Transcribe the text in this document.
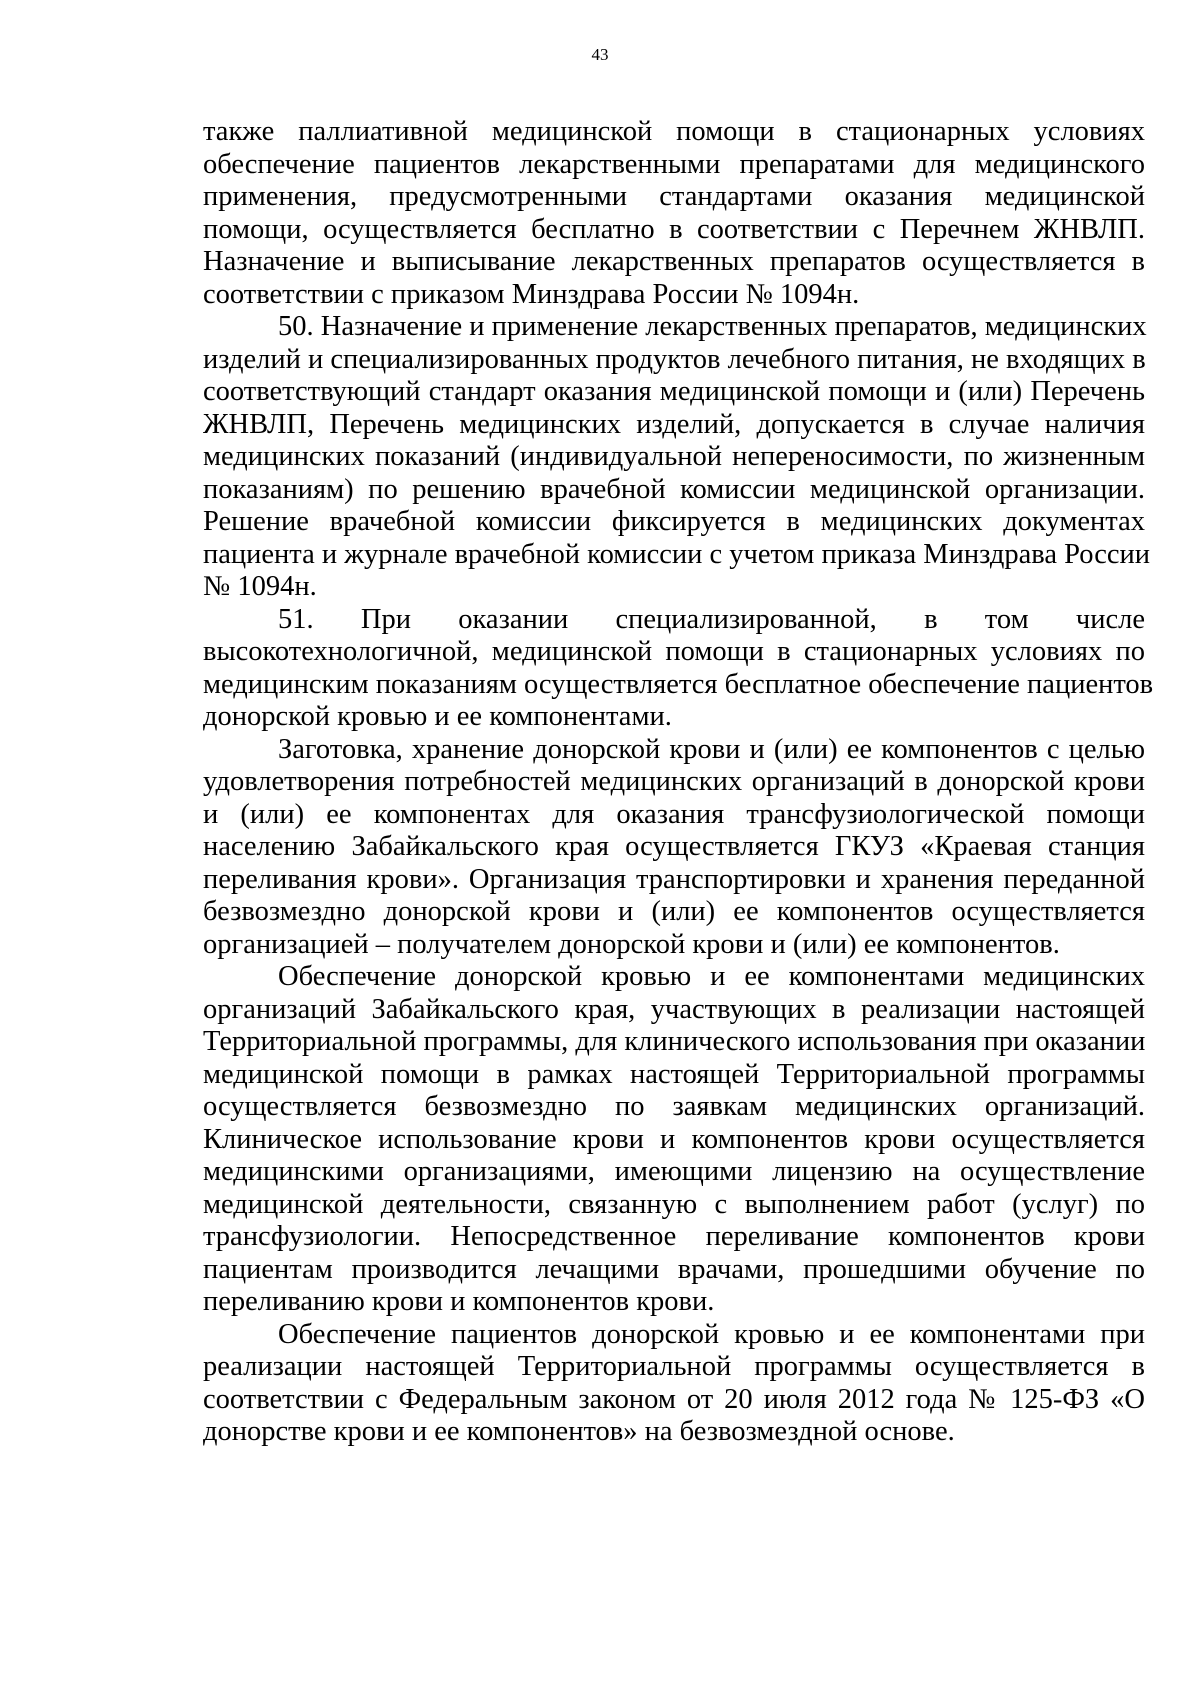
43
также паллиативной медицинской помощи в стационарных условиях
обеспечение пациентов лекарственными препаратами для медицинского
применения, предусмотренными стандартами оказания медицинской
помощи, осуществляется бесплатно в соответствии с Перечнем ЖНВЛП.
Назначение и выписывание лекарственных препаратов осуществляется в
соответствии с приказом Минздрава России № 1094н.
50. Назначение и применение лекарственных препаратов, медицинских
изделий и специализированных продуктов лечебного питания, не входящих в
соответствующий стандарт оказания медицинской помощи и (или) Перечень
ЖНВЛП, Перечень медицинских изделий, допускается в случае наличия
медицинских показаний (индивидуальной непереносимости, по жизненным
показаниям) по решению врачебной комиссии медицинской организации.
Решение врачебной комиссии фиксируется в медицинских документах
пациента и журнале врачебной комиссии с учетом приказа Минздрава России
№ 1094н.
51. При оказании специализированной, в том числе
высокотехнологичной, медицинской помощи в стационарных условиях по
медицинским показаниям осуществляется бесплатное обеспечение пациентов
донорской кровью и ее компонентами.
Заготовка, хранение донорской крови и (или) ее компонентов с целью
удовлетворения потребностей медицинских организаций в донорской крови
и (или) ее компонентах для оказания трансфузиологической помощи
населению Забайкальского края осуществляется ГКУЗ «Краевая станция
переливания крови». Организация транспортировки и хранения переданной
безвозмездно донорской крови и (или) ее компонентов осуществляется
организацией – получателем донорской крови и (или) ее компонентов.
Обеспечение донорской кровью и ее компонентами медицинских
организаций Забайкальского края, участвующих в реализации настоящей
Территориальной программы, для клинического использования при оказании
медицинской помощи в рамках настоящей Территориальной программы
осуществляется безвозмездно по заявкам медицинских организаций.
Клиническое использование крови и компонентов крови осуществляется
медицинскими организациями, имеющими лицензию на осуществление
медицинской деятельности, связанную с выполнением работ (услуг) по
трансфузиологии. Непосредственное переливание компонентов крови
пациентам производится лечащими врачами, прошедшими обучение по
переливанию крови и компонентов крови.
Обеспечение пациентов донорской кровью и ее компонентами при
реализации настоящей Территориальной программы осуществляется в
соответствии с Федеральным законом от 20 июля 2012 года № 125-ФЗ «О
донорстве крови и ее компонентов» на безвозмездной основе.
